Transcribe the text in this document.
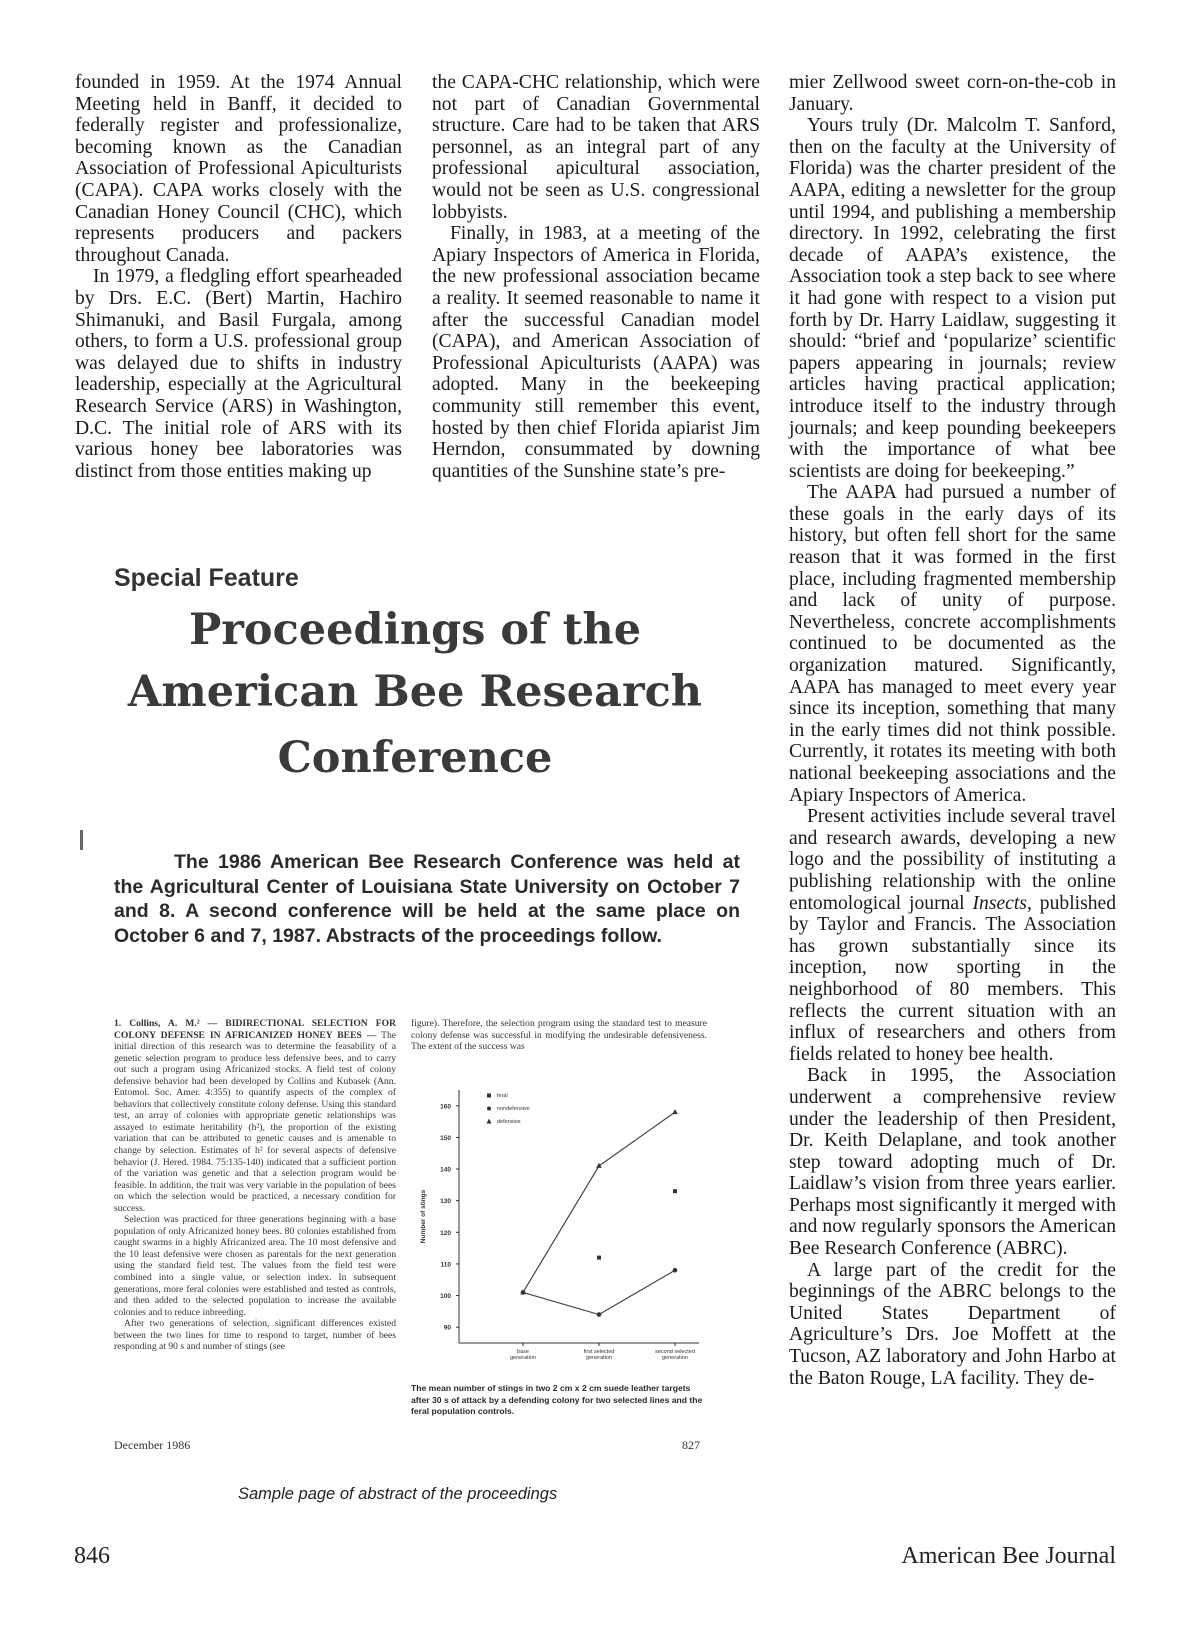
founded in 1959. At the 1974 Annual Meeting held in Banff, it decided to federally register and professionalize, becoming known as the Canadian Association of Professional Apiculturists (CAPA). CAPA works closely with the Canadian Honey Council (CHC), which represents producers and packers throughout Canada.

In 1979, a fledgling effort spearheaded by Drs. E.C. (Bert) Martin, Hachiro Shimanuki, and Basil Furgala, among others, to form a U.S. professional group was delayed due to shifts in industry leadership, especially at the Agricultural Research Service (ARS) in Washington, D.C. The initial role of ARS with its various honey bee laboratories was distinct from those entities making up

the CAPA-CHC relationship, which were not part of Canadian Governmental structure. Care had to be taken that ARS personnel, as an integral part of any professional apicultural association, would not be seen as U.S. congressional lobbyists.

Finally, in 1983, at a meeting of the Apiary Inspectors of America in Florida, the new professional association became a reality. It seemed reasonable to name it after the successful Canadian model (CAPA), and American Association of Professional Apiculturists (AAPA) was adopted. Many in the beekeeping community still remember this event, hosted by then chief Florida apiarist Jim Herndon, consummated by downing quantities of the Sunshine state’s pre-

mier Zellwood sweet corn-on-the-cob in January.

Yours truly (Dr. Malcolm T. Sanford, then on the faculty at the University of Florida) was the charter president of the AAPA, editing a newsletter for the group until 1994, and publishing a membership directory. In 1992, celebrating the first decade of AAPA’s existence, the Association took a step back to see where it had gone with respect to a vision put forth by Dr. Harry Laidlaw, suggesting it should: “brief and ‘popularize’ scientific papers appearing in journals; review articles having practical application; introduce itself to the industry through journals; and keep pounding beekeepers with the importance of what bee scientists are doing for beekeeping.”

The AAPA had pursued a number of these goals in the early days of its history, but often fell short for the same reason that it was formed in the first place, including fragmented membership and lack of unity of purpose. Nevertheless, concrete accomplishments continued to be documented as the organization matured. Significantly, AAPA has managed to meet every year since its inception, something that many in the early times did not think possible. Currently, it rotates its meeting with both national beekeeping associations and the Apiary Inspectors of America.

Present activities include several travel and research awards, developing a new logo and the possibility of instituting a publishing relationship with the online entomological journal Insects, published by Taylor and Francis. The Association has grown substantially since its inception, now sporting in the neighborhood of 80 members. This reflects the current situation with an influx of researchers and others from fields related to honey bee health.

Back in 1995, the Association underwent a comprehensive review under the leadership of then President, Dr. Keith Delaplane, and took another step toward adopting much of Dr. Laidlaw’s vision from three years earlier. Perhaps most significantly it merged with and now regularly sponsors the American Bee Research Conference (ABRC).

A large part of the credit for the beginnings of the ABRC belongs to the United States Department of Agriculture’s Drs. Joe Moffett at the Tucson, AZ laboratory and John Harbo at the Baton Rouge, LA facility. They de-

Special Feature
Proceedings of the
American Bee Research
Conference
The 1986 American Bee Research Conference was held at the Agricultural Center of Louisiana State University on October 7 and 8. A second conference will be held at the same place on October 6 and 7, 1987. Abstracts of the proceedings follow.

1. Collins, A. M.² — BIDIRECTIONAL SELECTION FOR COLONY DEFENSE IN AFRICANIZED HONEY BEES — The initial direction of this research was to determine the feasability of a genetic selection program to produce less defensive bees, and to carry out such a program using Africanized stocks. A field test of colony defensive behavior had been developed by Collins and Kubasek (Ann. Entomol. Soc. Amer. 4:355) to quantify aspects of the complex of behaviors that collectively constitute colony defense. Using this standard test, an array of colonies with appropriate genetic relationships was assayed to estimate heritability (h²), the proportion of the existing variation that can be attributed to genetic causes and is amenable to change by selection. Estimates of h² for several aspects of defensive behavior (J. Hered. 1984. 75:135-140) indicated that a sufficient portion of the variation was genetic and that a selection program would be feasible. In addition, the trait was very variable in the population of bees on which the selection would be practiced, a necessary condition for success.

Selection was practiced for three generations beginning with a base population of only Africanized honey bees. 80 colonies established from caught swarms in a highly Africanized area. The 10 most defensive and the 10 least defensive were chosen as parentals for the next generation using the standard field test. The values from the field test were combined into a single value, or selection index. In subsequent generations, more feral colonies were established and tested as controls, and then added to the selected population to increase the available colonies and to reduce inbreeding.

After two generations of selection, significant differences existed between the two lines for time to respond to target, number of bees responding at 90 s and number of stings (see

figure). Therefore, the selection program using the standard test to measure colony defense was successful in modifying the undesirable defensiveness. The extent of the success was
90
100
110
120
130
140
150
160
Number of stings
base
generation
first selected
generation
second selected
generation
feral
nondefensive
defensive
The mean number of stings in two 2 cm x 2 cm suede leather targets after 30 s of attack by a defending colony for two selected lines and the feral population controls.
December 1986	827
Sample page of abstract of the proceedings
846	American Bee Journal
